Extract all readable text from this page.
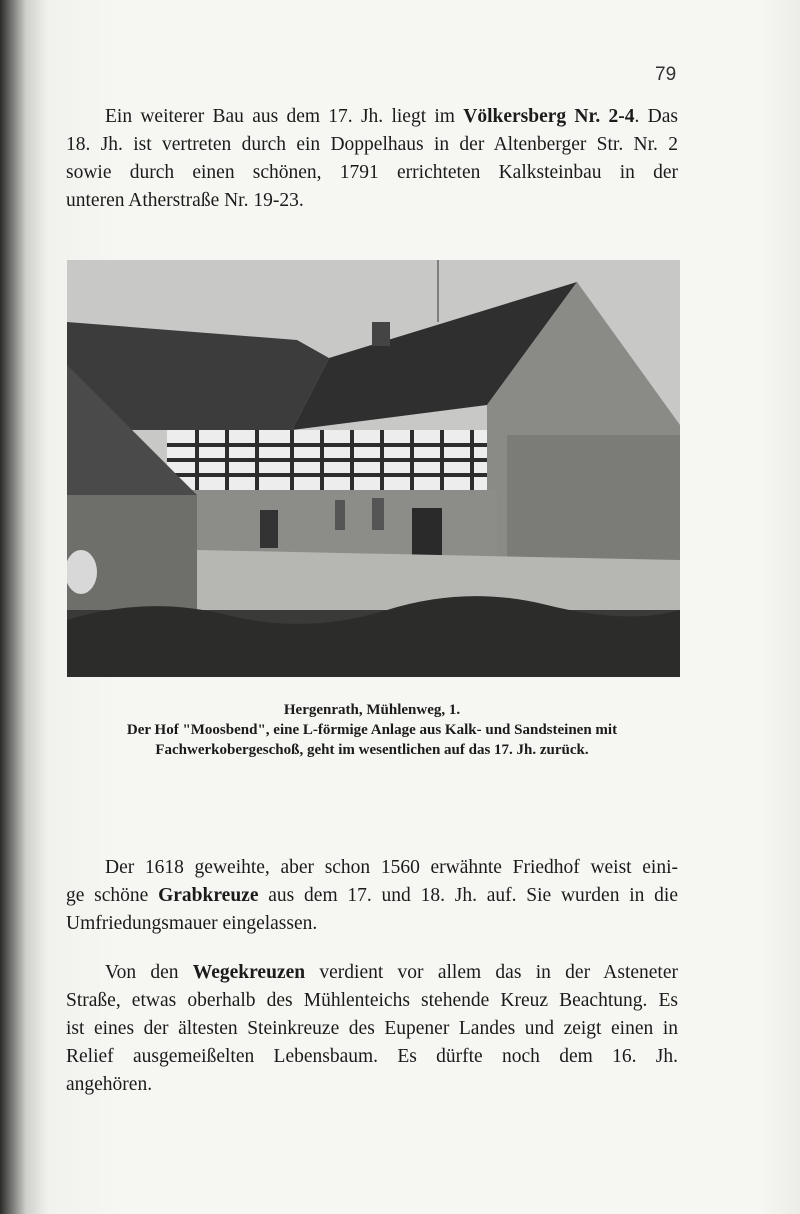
79
Ein weiterer Bau aus dem 17. Jh. liegt im Völkersberg Nr. 2-4. Das
18. Jh. ist vertreten durch ein Doppelhaus in der Altenberger Str. Nr. 2
sowie durch einen schönen, 1791 errichteten Kalksteinbau in der
unteren Atherstraße Nr. 19-23.
Hergenrath, Mühlenweg, 1.
Der Hof "Moosbend", eine L-förmige Anlage aus Kalk- und Sandsteinen mit
Fachwerkobergeschoß, geht im wesentlichen auf das 17. Jh. zurück.
Der 1618 geweihte, aber schon 1560 erwähnte Friedhof weist eini-
ge schöne Grabkreuze aus dem 17. und 18. Jh. auf. Sie wurden in die
Umfriedungsmauer eingelassen.
Von den Wegekreuzen verdient vor allem das in der Asteneter
Straße, etwas oberhalb des Mühlenteichs stehende Kreuz Beachtung. Es
ist eines der ältesten Steinkreuze des Eupener Landes und zeigt einen in
Relief ausgemeißelten Lebensbaum. Es dürfte noch dem 16. Jh.
angehören.
